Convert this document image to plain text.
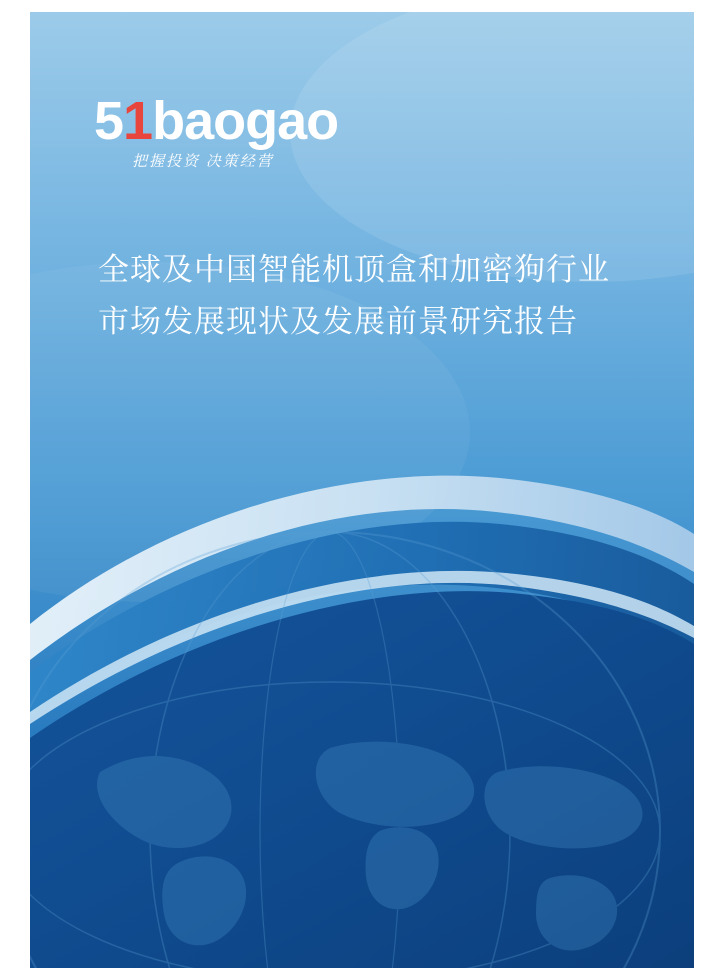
51baogao
把握投资 决策经营
全球及中国智能机顶盒和加密狗行业
市场发展现状及发展前景研究报告
